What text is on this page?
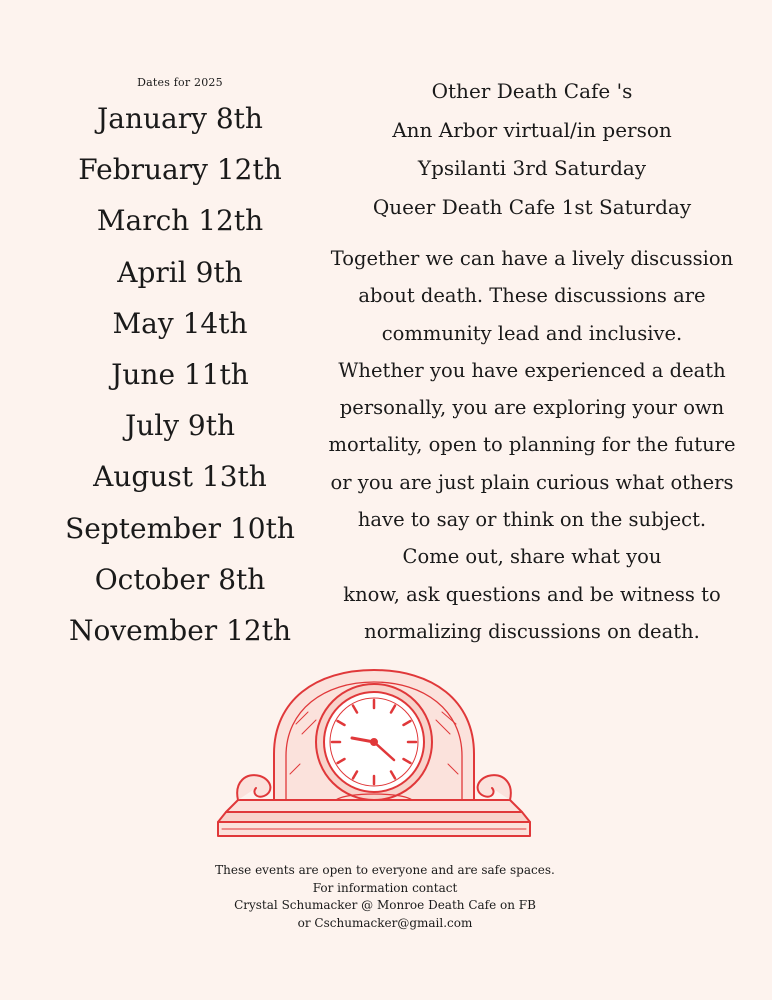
Dates for 2025
January 8th
February 12th
March 12th
April 9th
May 14th
June 11th
July 9th
August 13th
September 10th
October 8th
November 12th
Other Death Cafe 's
Ann Arbor virtual/in person
Ypsilanti 3rd Saturday
Queer Death Cafe 1st Saturday
Together we can have a lively discussion
about death. These discussions are
community lead and inclusive.
Whether you have experienced a death
personally, you are exploring your own
mortality, open to planning for the future
or you are just plain curious what others
have to say or think on the subject.
Come out, share what you
know, ask questions and be witness to
normalizing discussions on death.
These events are open to everyone and are safe spaces.
For information contact
Crystal Schumacker @ Monroe Death Cafe on FB
or Cschumacker@gmail.com
